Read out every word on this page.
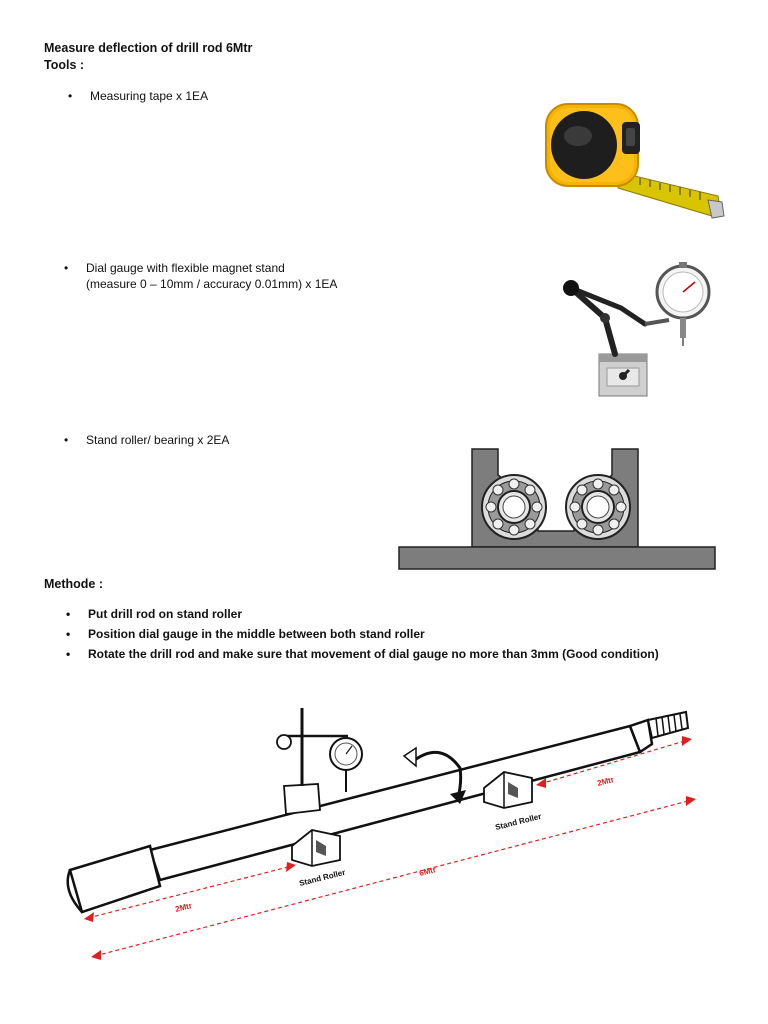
Measure deflection of drill rod 6Mtr
Tools :
• Measuring tape x 1EA
• Dial gauge with flexible magnet stand
(measure 0 – 10mm / accuracy 0.01mm) x 1EA
• Stand roller/ bearing x 2EA
Methode :
• Put drill rod on stand roller
• Position dial gauge in the middle between both stand roller
• Rotate the drill rod and make sure that movement of dial gauge no more than 3mm (Good condition)
Stand Roller
Stand Roller
2Mtr
2Mtr
6Mtr
